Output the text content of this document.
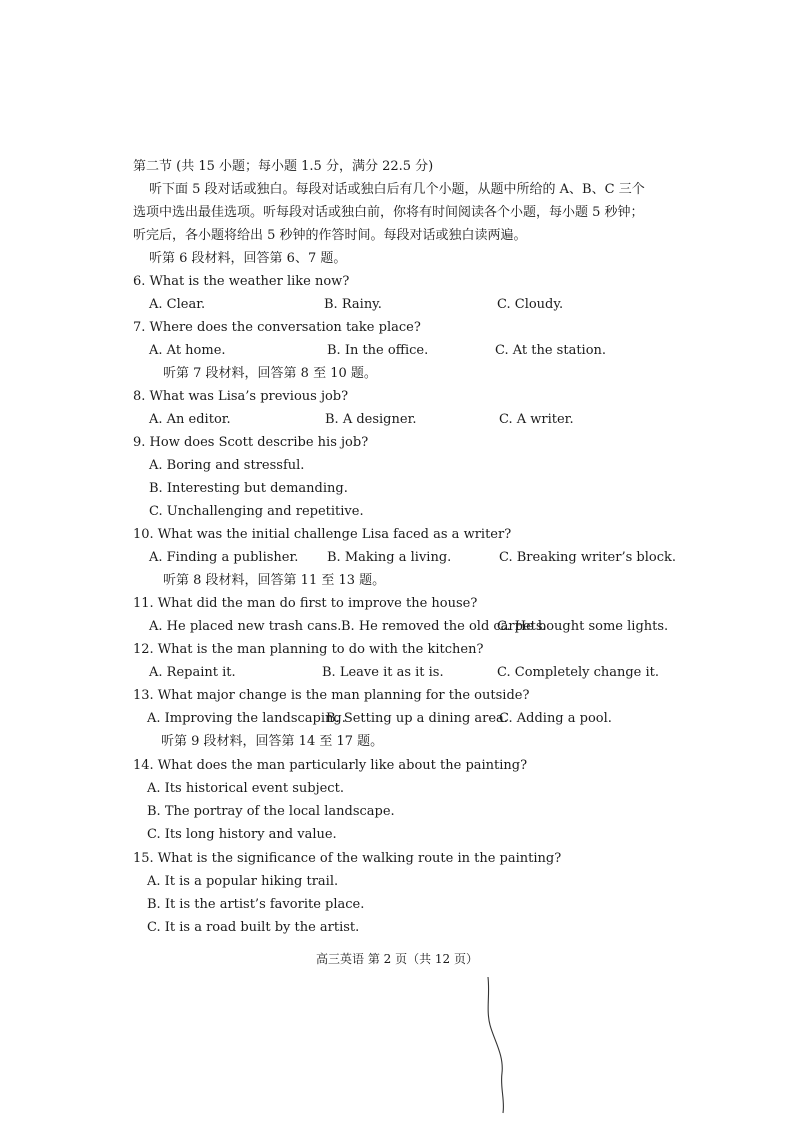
第二节 (共 15 小题；每小题 1.5 分，满分 22.5 分)
听下面 5 段对话或独白。每段对话或独白后有几个小题，从题中所给的 A、B、C 三个
选项中选出最佳选项。听每段对话或独白前，你将有时间阅读各个小题，每小题 5 秒钟；
听完后，各小题将给出 5 秒钟的作答时间。每段对话或独白读两遍。
听第 6 段材料，回答第 6、7 题。
6. What is the weather like now?
A. Clear.	B. Rainy.	C. Cloudy.
7. Where does the conversation take place?
A. At home.	B. In the office.	C. At the station.
听第 7 段材料，回答第 8 至 10 题。
8. What was Lisa’s previous job?
A. An editor.	B. A designer.	C. A writer.
9. How does Scott describe his job?
A. Boring and stressful.
B. Interesting but demanding.
C. Unchallenging and repetitive.
10. What was the initial challenge Lisa faced as a writer?
A. Finding a publisher. B. Making a living.	C. Breaking writer’s block.
听第 8 段材料，回答第 11 至 13 题。
11. What did the man do first to improve the house?
A. He placed new trash cans. B. He removed the old carpets.
C. He bought some lights.
12. What is the man planning to do with the kitchen?
A. Repaint it.	B. Leave it as it is.	C. Completely change it.
13. What major change is the man planning for the outside?
A. Improving the landscaping.
B. Setting up a dining area.
C. Adding a pool.
听第 9 段材料，回答第 14 至 17 题。
14. What does the man particularly like about the painting?
A. Its historical event subject.
B. The portray of the local landscape.
C. Its long history and value.
15. What is the significance of the walking route in the painting?
A. It is a popular hiking trail.
B. It is the artist’s favorite place.
C. It is a road built by the artist.
高三英语 第 2 页（共 12 页）
